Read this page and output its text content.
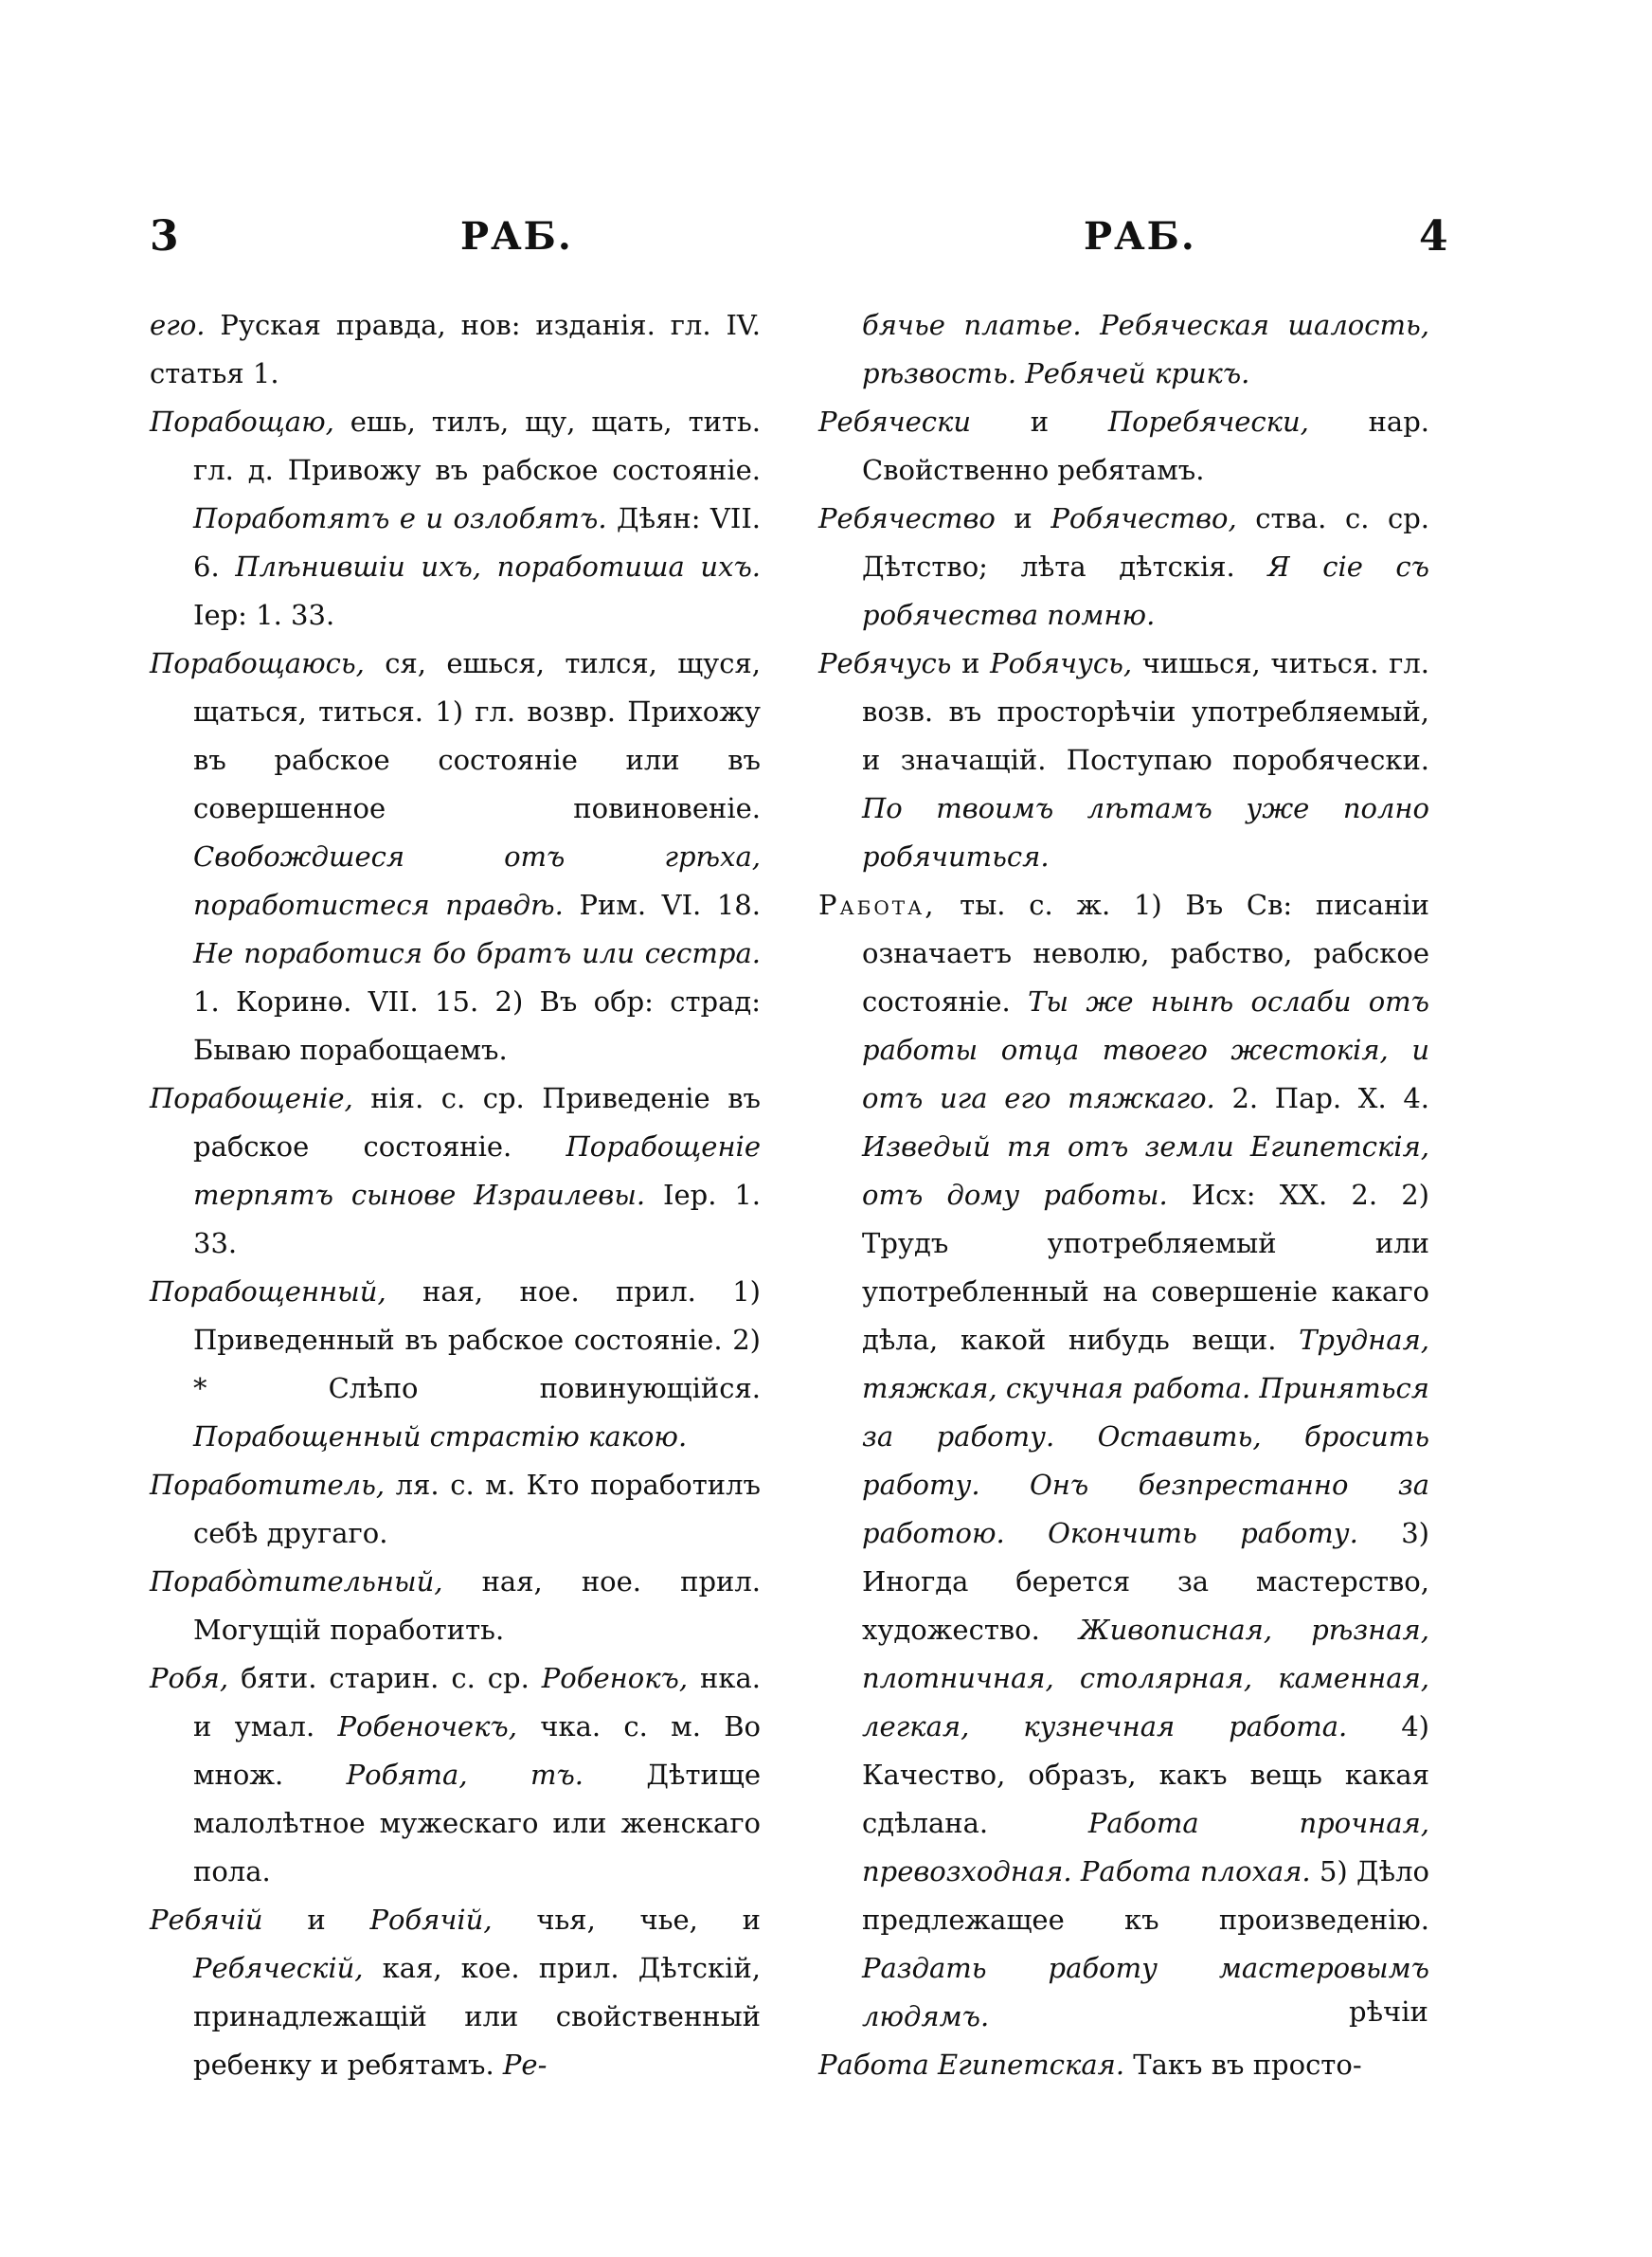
3	РАБ.	РАБ.	4

его. Руская правда, нов: изданія. гл. IV. статья 1.

Порабощаю, ешь, тилъ, щу, щать, тить. гл. д. Привожу въ рабское состояніе. Поработятъ е и озлобятъ. Дѣян: VII. 6. Плѣнившіи ихъ, поработиша ихъ. Іер: 1. 33.

Порабощаюсь, ся, ешься, тился, щуся, щаться, титься. 1) гл. возвр. Прихожу въ рабское состояніе или въ совершенное повиновеніе. Свобождшеся отъ грѣха, поработистеся правдѣ. Рим. VI. 18. Не поработися бо братъ или сестра. 1. Коринѳ. VII. 15. 2) Въ обр: страд: Бываю порабощаемъ.

Порабощеніе, нія. с. ср. Приведеніе въ рабское состояніе. Порабощеніе терпятъ сынове Израилевы. Іер. 1. 33.

Порабощенный, ная, ное. прил. 1) Приведенный въ рабское состояніе. 2) * Слѣпо повинующійся. Порабощенный страстію какою.

Поработитель, ля. с. м. Кто поработилъ себѣ другаго.

Порабо̀тительный, ная, ное. прил. Могущій поработить.

Робя, бяти. старин. с. ср. Робенокъ, нка. и умал. Робеночекъ, чка. с. м. Во множ. Робята, тъ. Дѣтище малолѣтное мужескаго или женскаго пола.

Ребячій и Робячій, чья, чье, и Ребяческій, кая, кое. прил. Дѣтскій, принадлежащій или свойственный ребенку и ребятамъ. Ре-

бячье платье. Ребяческая шалость, рѣзвость. Ребячей крикъ.

Ребячески и Поребячески, нар. Свойственно ребятамъ.

Ребячество и Робячество, ства. с. ср. Дѣтство; лѣта дѣтскія. Я сіе съ робячества помню.

Ребячусь и Робячусь, чишься, читься. гл. возв. въ просторѣчіи употребляемый, и значащій. Поступаю поробячески. По твоимъ лѣтамъ уже полно робячиться.

Работа, ты. с. ж. 1) Въ Св: писаніи означаетъ неволю, рабство, рабское состояніе. Ты же нынѣ ослаби отъ работы отца твоего жестокія, и отъ ига его тяжкаго. 2. Пар. X. 4. Изведый тя отъ земли Египетскія, отъ дому работы. Исх: XX. 2. 2) Трудъ употребляемый или употребленный на совершеніе какаго дѣла, какой нибудь вещи. Трудная, тяжкая, скучная работа. Приняться за работу. Оставить, бросить работу. Онъ безпрестанно за работою. Окончить работу. 3) Иногда берется за мастерство, художество. Живописная, рѣзная, плотничная, столярная, каменная, легкая, кузнечная работа. 4) Качество, образъ, какъ вещь какая сдѣлана. Работа прочная, превозходная. Работа плохая. 5) Дѣло предлежащее къ произведенію. Раздать работу мастеровымъ людямъ.

Работа Египетская. Такъ въ просто-

рѣчіи
